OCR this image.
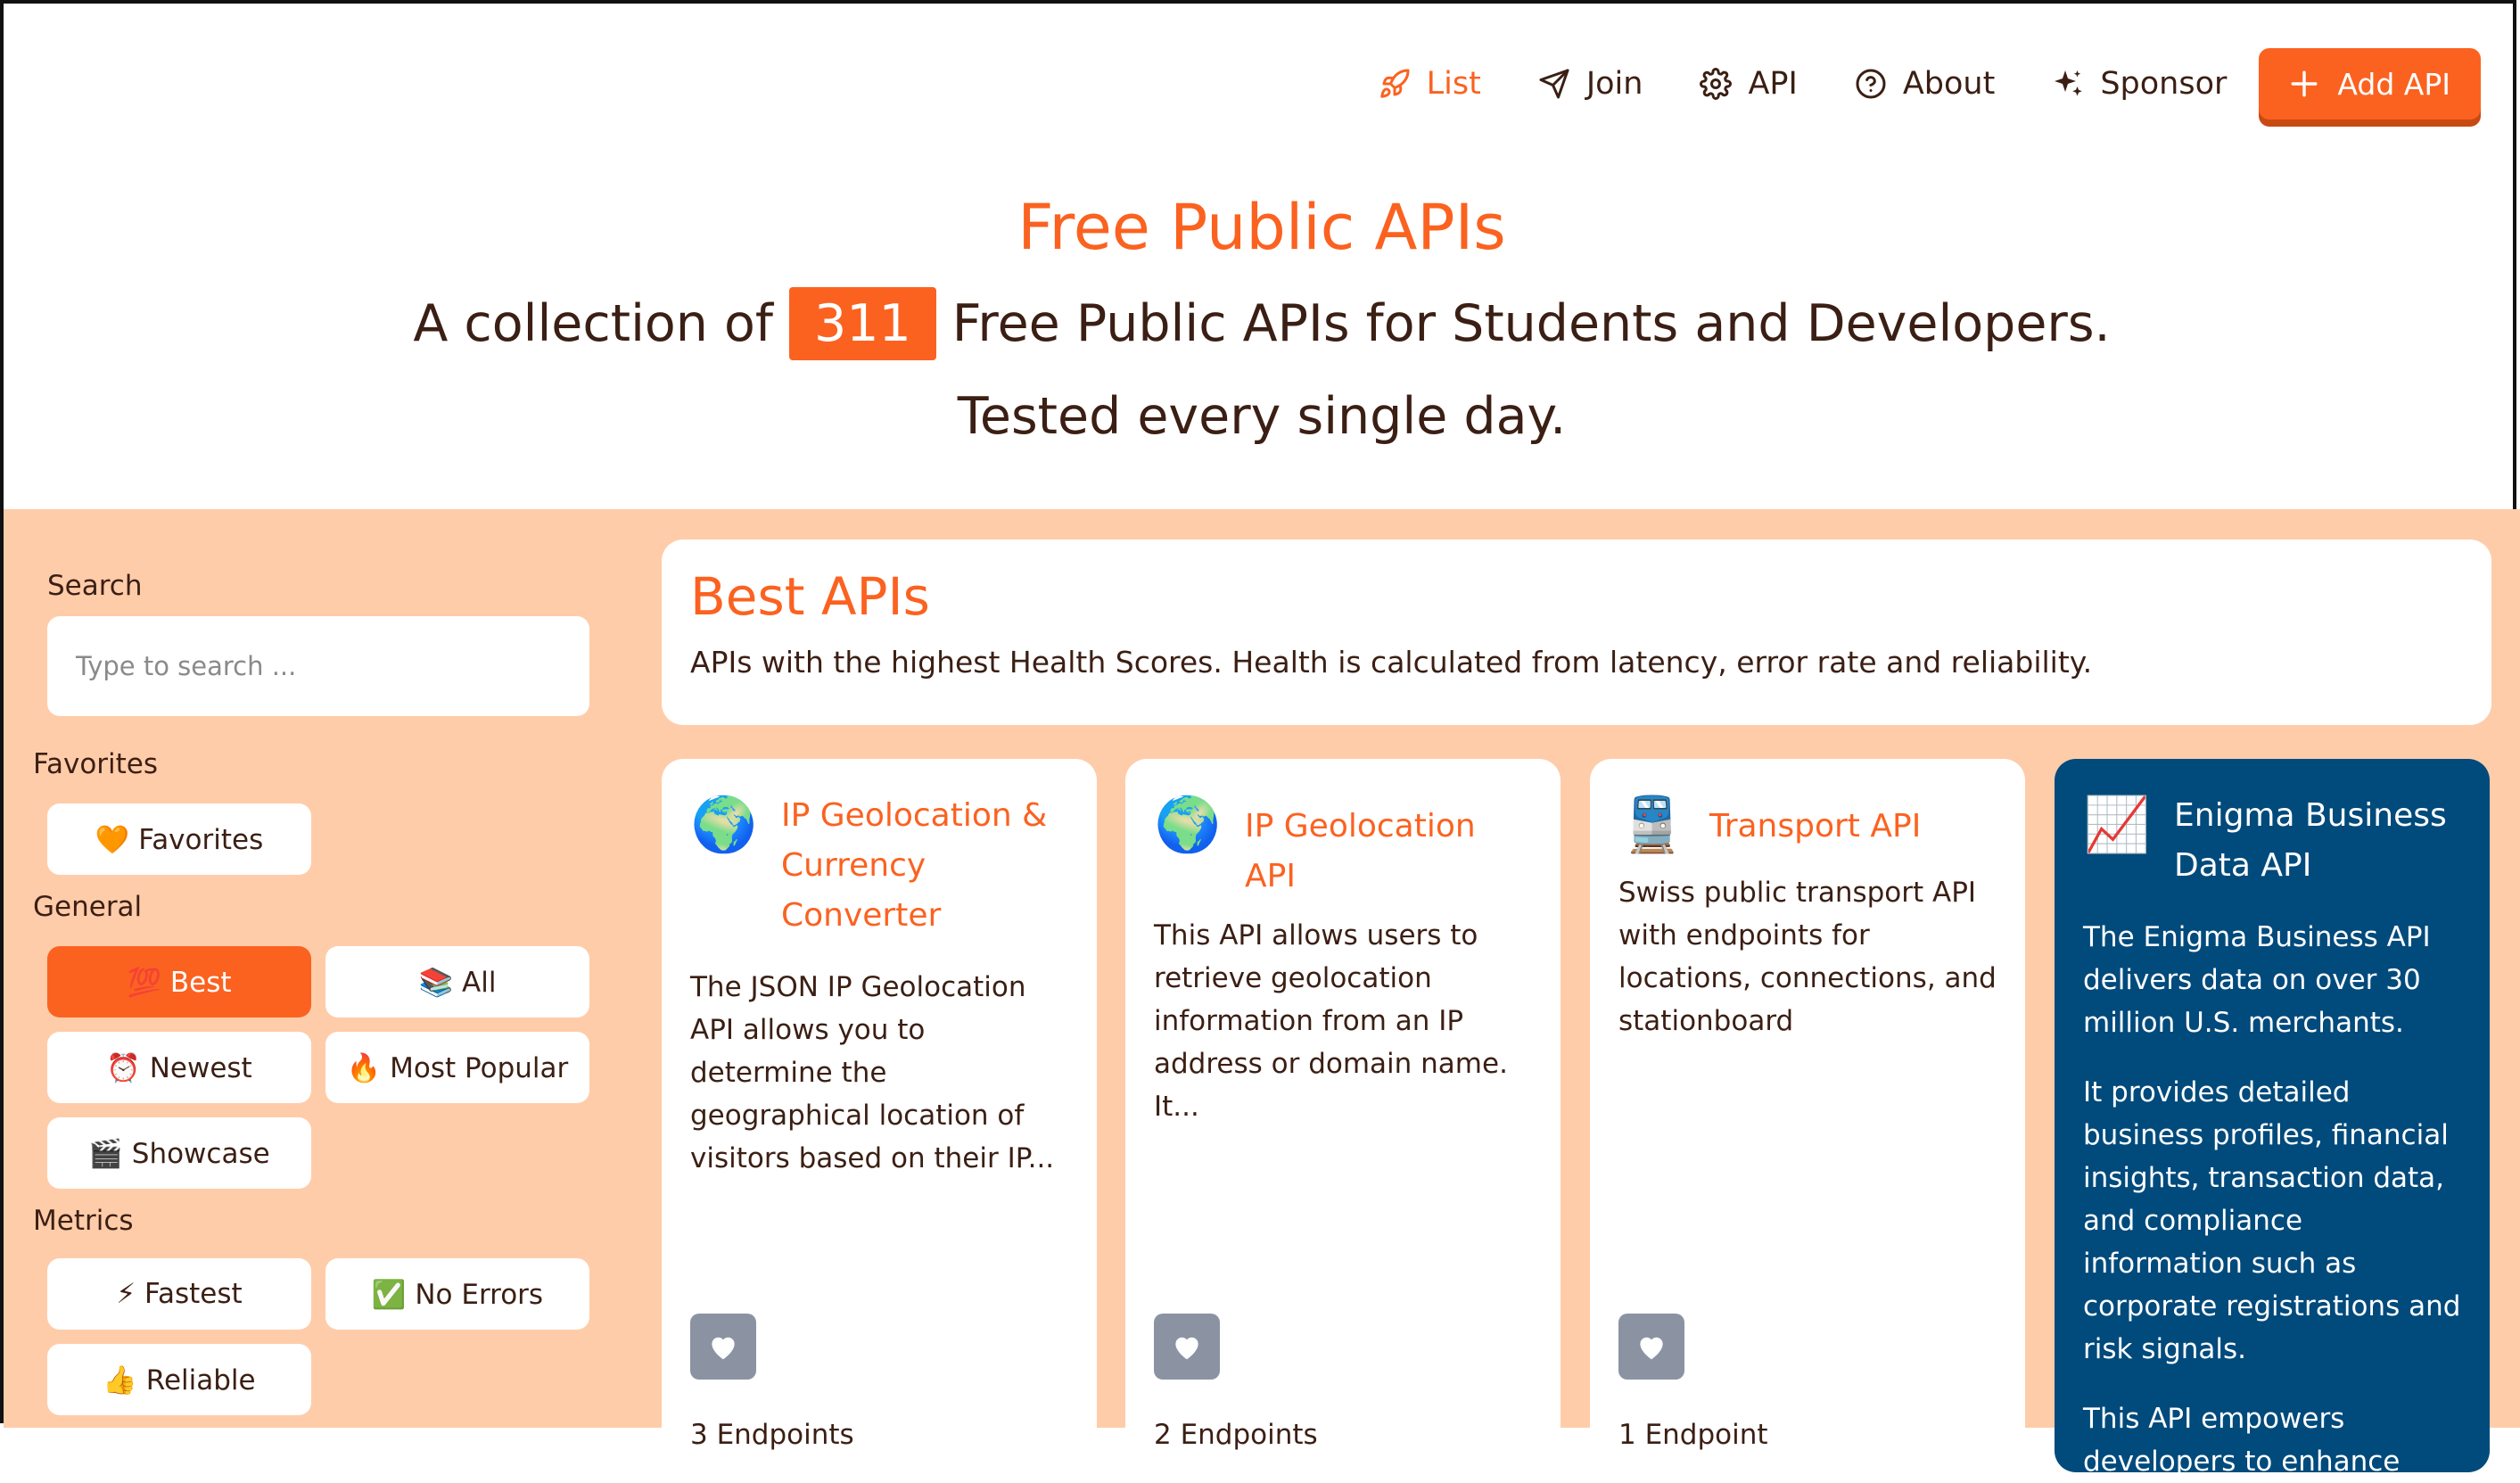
List	Join	API	About	Sponsor	Add API
Free Public APIs
A collection of 311 Free Public APIs for Students and Developers.
Tested every single day.
Search
Type to search ...
Favorites
🧡 Favorites
General
💯 Best	📚 All
⏰ Newest	🔥 Most Popular
🎬 Showcase
Metrics
⚡ Fastest	✅ No Errors
👍 Reliable
Best APIs
APIs with the highest Health Scores. Health is calculated from latency, error rate and reliability.
🌍 IP Geolocation & Currency Converter
The JSON IP Geolocation API allows you to determine the geographical location of visitors based on their IP...
3 Endpoints
🌍 IP Geolocation API
This API allows users to retrieve geolocation information from an IP address or domain name. It...
2 Endpoints
🚆 Transport API
Swiss public transport API with endpoints for locations, connections, and stationboard
1 Endpoint
📈 Enigma Business Data API

The Enigma Business API delivers data on over 30 million U.S. merchants.

It provides detailed business profiles, financial insights, transaction data, and compliance information such as corporate registrations and risk signals.

This API empowers developers to enhance
